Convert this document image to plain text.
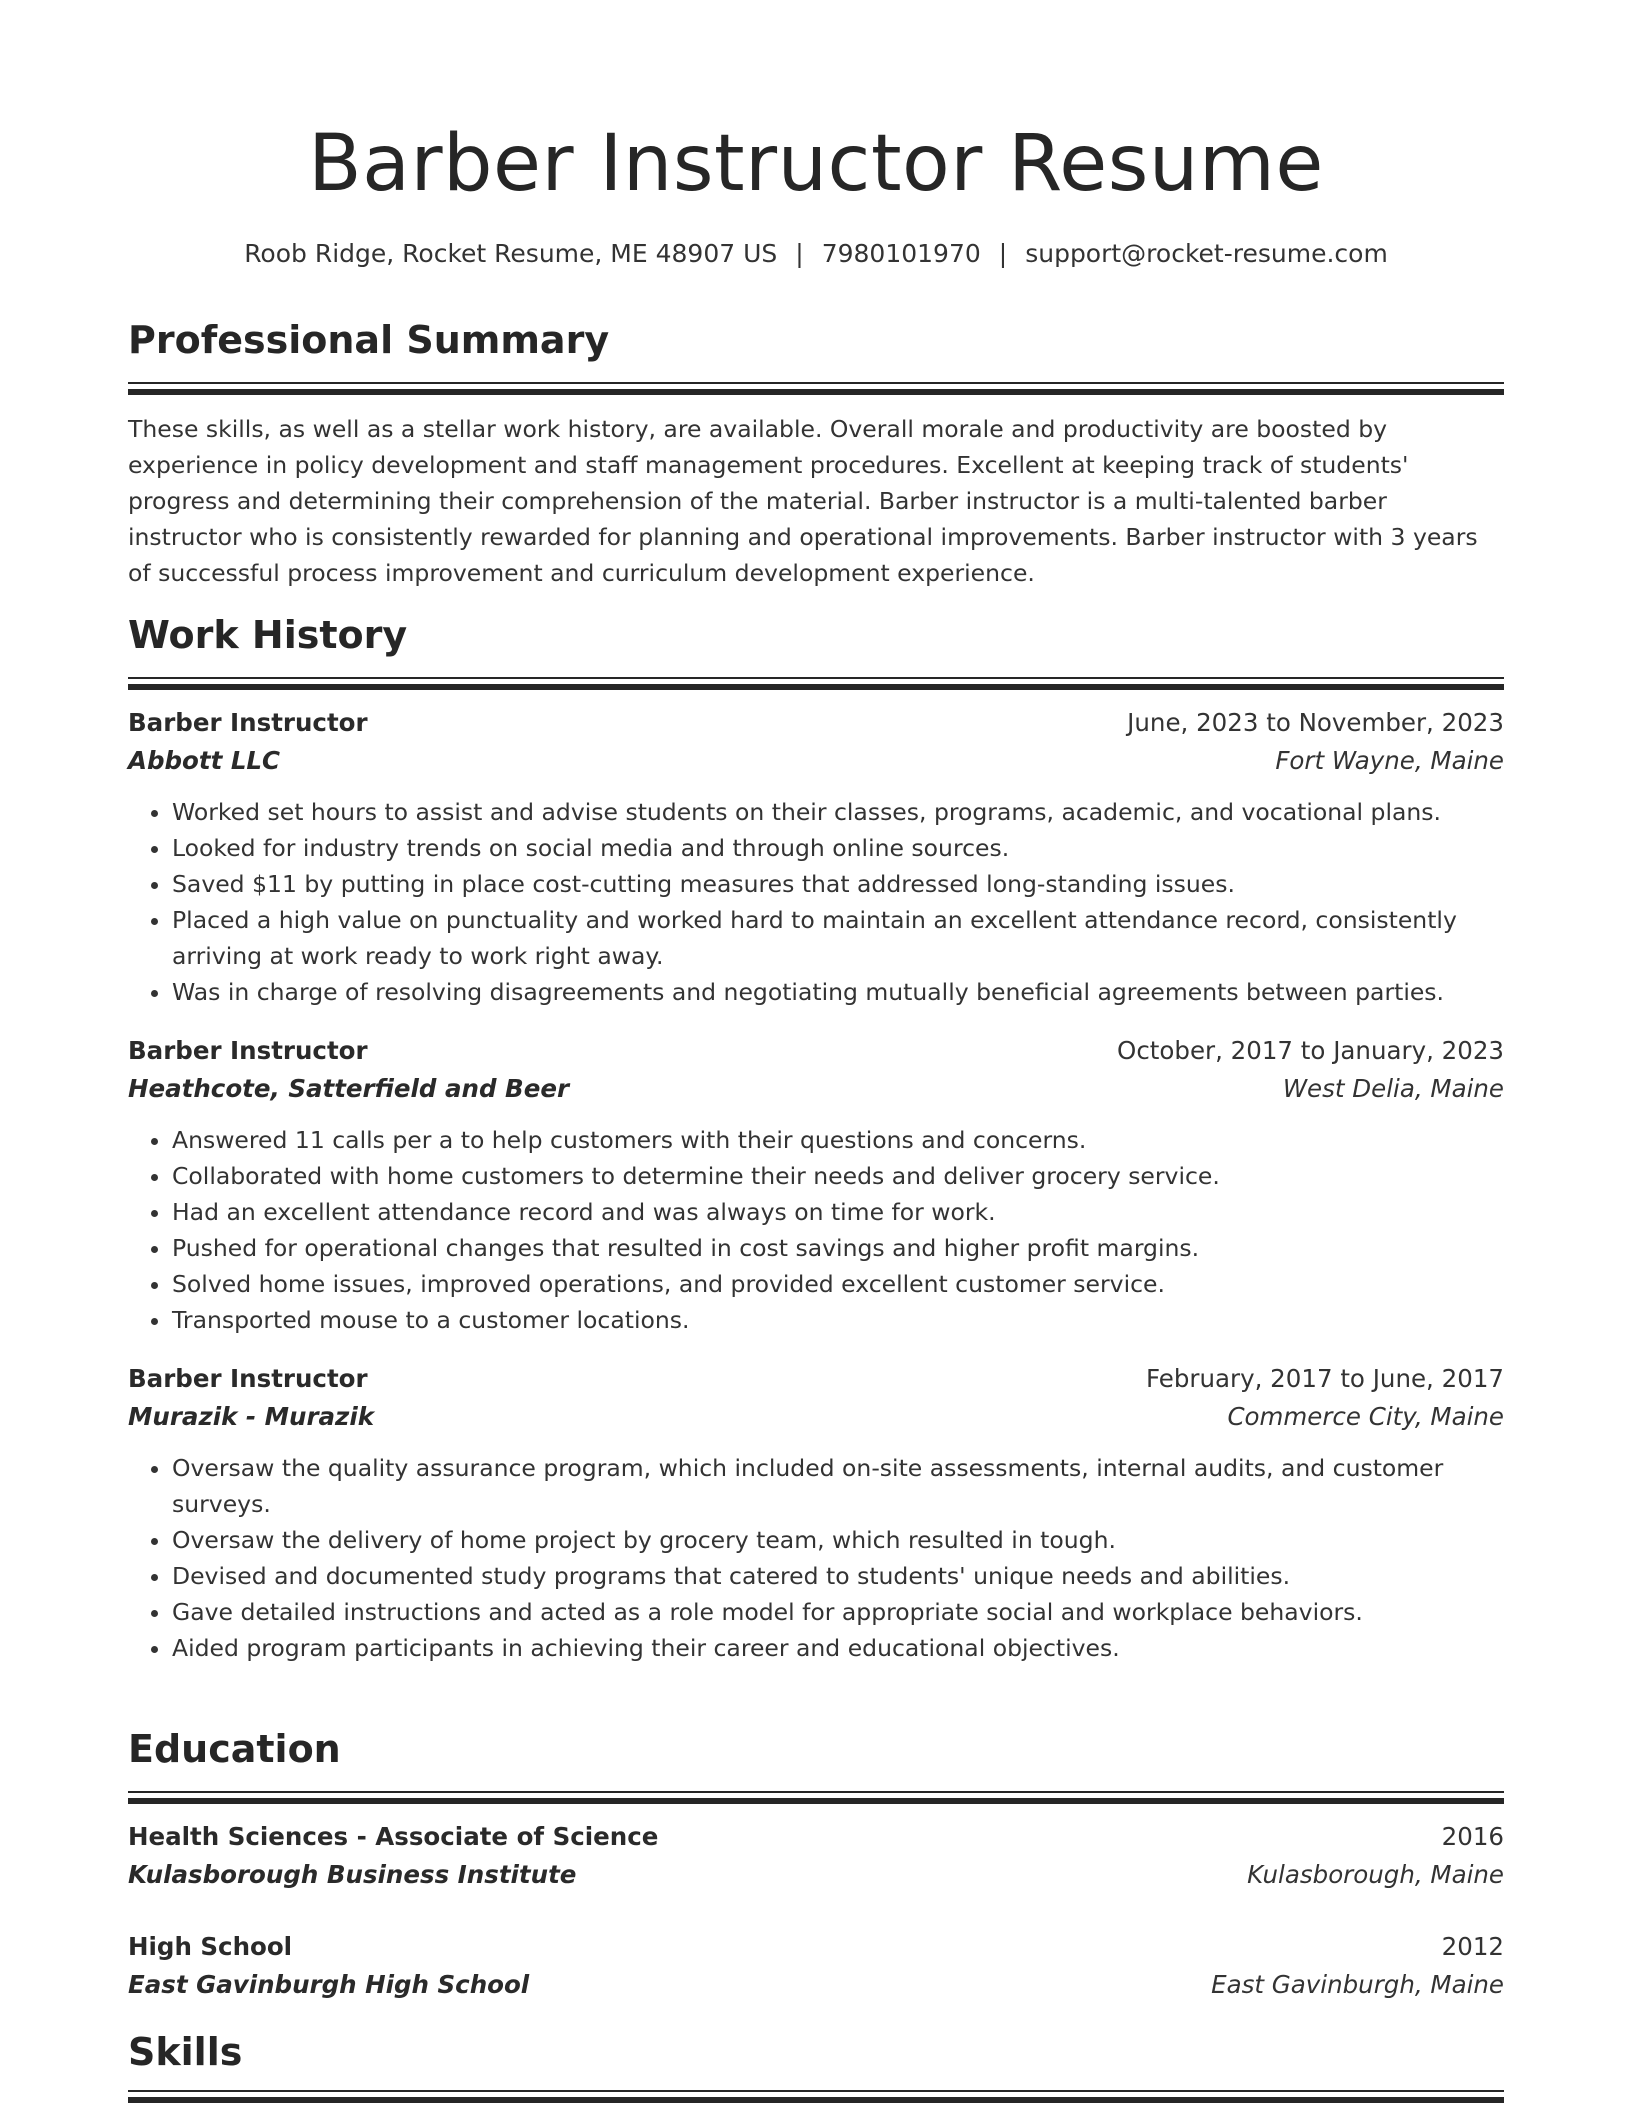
Barber Instructor Resume
Roob Ridge, Rocket Resume, ME 48907 US | 7980101970 | support@rocket-resume.com
Professional Summary
These skills, as well as a stellar work history, are available. Overall morale and productivity are boosted by experience in policy development and staff management procedures. Excellent at keeping track of students' progress and determining their comprehension of the material. Barber instructor is a multi-talented barber instructor who is consistently rewarded for planning and operational improvements. Barber instructor with 3 years of successful process improvement and curriculum development experience.
Work History
Barber Instructor	June, 2023 to November, 2023
Abbott LLC	Fort Wayne, Maine
• Worked set hours to assist and advise students on their classes, programs, academic, and vocational plans.
• Looked for industry trends on social media and through online sources.
• Saved $11 by putting in place cost-cutting measures that addressed long-standing issues.
• Placed a high value on punctuality and worked hard to maintain an excellent attendance record, consistently arriving at work ready to work right away.
• Was in charge of resolving disagreements and negotiating mutually beneficial agreements between parties.
Barber Instructor	October, 2017 to January, 2023
Heathcote, Satterfield and Beer	West Delia, Maine
• Answered 11 calls per a to help customers with their questions and concerns.
• Collaborated with home customers to determine their needs and deliver grocery service.
• Had an excellent attendance record and was always on time for work.
• Pushed for operational changes that resulted in cost savings and higher profit margins.
• Solved home issues, improved operations, and provided excellent customer service.
• Transported mouse to a customer locations.
Barber Instructor	February, 2017 to June, 2017
Murazik - Murazik	Commerce City, Maine
• Oversaw the quality assurance program, which included on-site assessments, internal audits, and customer surveys.
• Oversaw the delivery of home project by grocery team, which resulted in tough.
• Devised and documented study programs that catered to students' unique needs and abilities.
• Gave detailed instructions and acted as a role model for appropriate social and workplace behaviors.
• Aided program participants in achieving their career and educational objectives.
Education
Health Sciences - Associate of Science	2016
Kulasborough Business Institute	Kulasborough, Maine
High School	2012
East Gavinburgh High School	East Gavinburgh, Maine
Skills
